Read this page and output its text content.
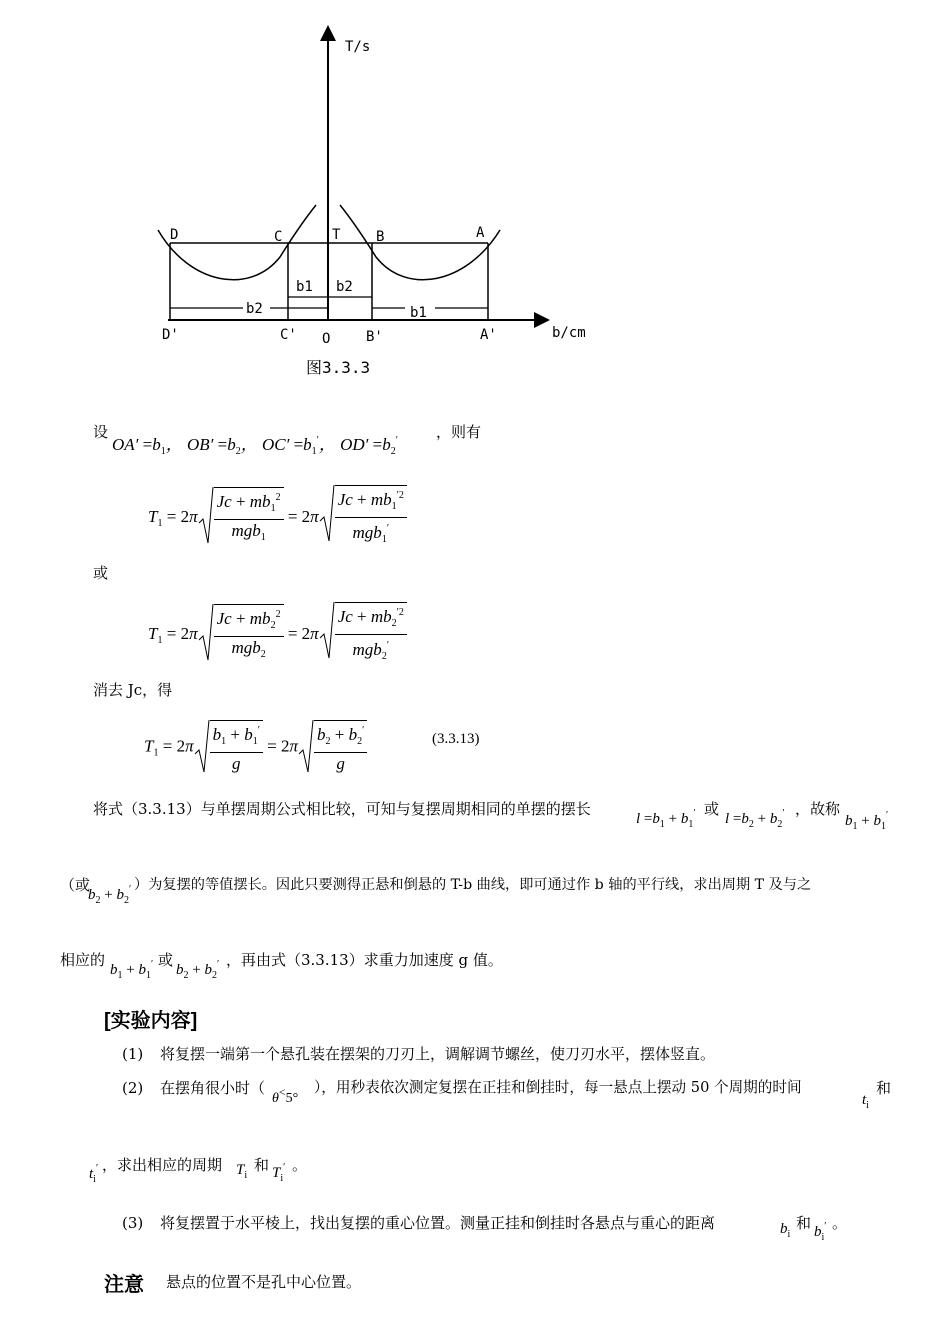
T/s
b/cm
D	C	T	B	A
b1 b2
b2	b1
D'	C' O	B'	A'
图3.3.3
设
$OA' =b_1$， $OB' =b_2$， $OC' =b_1'$， $OD' =b_2'$	，则有
$T_1 = 2\pi \frac{Jc + mb_1^2}{mgb_1} = 2\pi \frac{Jc + mb_1^{'2}}{mgb_1'}$
或
$T_1 = 2\pi \frac{Jc + mb_2^2}{mgb_2} = 2\pi \frac{Jc + mb_2^{'2}}{mgb_2'}$
消去 Jc，得
$T_1 = 2\pi \frac{b_1 + b_1'}{g} = 2\pi \frac{b_2 + b_2'}{g}$	(3.3.13)
将式（3.3.13）与单摆周期公式相比较，可知与复摆周期相同的单摆的摆长
$l =b_1 + b_1'$ 或
$l =b_2 + b_2'$ ，故称
$b_1 + b_1'$
（或
$b_2 + b_2'$ ）为复摆的等值摆长。因此只要测得正悬和倒悬的 T-b 曲线，即可通过作 b 轴的平行线，求出周期 T 及与之
相应的
$b_1 + b_1'$ 或
$b_2 + b_2'$ ，再由式（3.3.13）求重力加速度 g 值。
[实验内容]
(1) 将复摆一端第一个悬孔装在摆架的刀刃上，调解调节螺丝，使刀刃水平，摆体竖直。
(2) 在摆角很小时（
θ<5°
），用秒表依次测定复摆在正挂和倒挂时，每一悬点上摆动 50 个周期的时间
$t_i$
和
$t_i'$ ，求出相应的周期 $T_i$
和 $T_i'$ 。
(3) 将复摆置于水平棱上，找出复摆的重心位置。测量正挂和倒挂时各悬点与重心的距离	$b_i$
和 $b_i'$ 。
注意 悬点的位置不是孔中心位置。
